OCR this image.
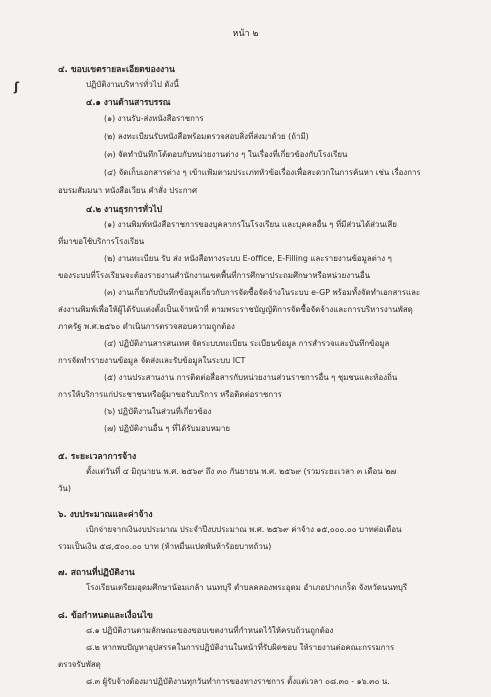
ʃ
หน้า ๒
๔. ขอบเขตรายละเอียดของงาน
ปฏิบัติงานบริหารทั่วไป ดังนี้
๔.๑ งานด้านสารบรรณ
(๑) งานรับ-ส่งหนังสือราชการ
(๒) ลงทะเบียนรับหนังสือพร้อมตรวจสอบสิ่งที่ส่งมาด้วย (ถ้ามี)
(๓) จัดทำบันทึกโต้ตอบกับหน่วยงานต่าง ๆ ในเรื่องที่เกี่ยวข้องกับโรงเรียน
(๔) จัดเก็บเอกสารต่าง ๆ เข้าแฟ้มตามประเภทหัวข้อเรื่องเพื่อสะดวกในการค้นหา เช่น เรื่องการ
อบรมสัมมนา หนังสือเวียน คำสั่ง ประกาศ
๔.๒ งานธุรการทั่วไป
(๑) งานพิมพ์หนังสือราชการของบุคลากรในโรงเรียน และบุคคลอื่น ๆ ที่มีส่วนได้ส่วนเสีย
ที่มาขอใช้บริการโรงเรียน
(๒) งานทะเบียน รับ ส่ง หนังสือทางระบบ E-office, E-Filling และรายงานข้อมูลต่าง ๆ
ของระบบที่โรงเรียนจะต้องรายงานสำนักงานเขตพื้นที่การศึกษาประถมศึกษาหรือหน่วยงานอื่น
(๓) งานเกี่ยวกับบันทึกข้อมูลเกี่ยวกับการจัดซื้อจัดจ้างในระบบ e-GP พร้อมทั้งจัดทำเอกสารและ
ส่งงานพิมพ์เพื่อให้ผู้ได้รับแต่งตั้งเป็นเจ้าหน้าที่ ตามพระราชบัญญัติการจัดซื้อจัดจ้างและการบริหารงานพัสดุ
ภาครัฐ พ.ศ.๒๕๖๐ ดำเนินการตรวจสอบความถูกต้อง
(๔) ปฏิบัติงานสารสนเทศ จัดระบบทะเบียน ระเบียนข้อมูล การสำรวจและบันทึกข้อมูล
การจัดทำรายงานข้อมูล จัดส่งและรับข้อมูลในระบบ ICT
(๕) งานประสานงาน การติดต่อสื่อสารกับหน่วยงานส่วนราชการอื่น ๆ ชุมชนและท้องถิ่น
การให้บริการแก่ประชาชนหรือผู้มาขอรับบริการ หรือติดต่อราชการ
(๖) ปฏิบัติงานในส่วนที่เกี่ยวข้อง
(๗) ปฏิบัติงานอื่น ๆ ที่ได้รับมอบหมาย
๕. ระยะเวลาการจ้าง
ตั้งแต่วันที่ ๔ มิถุนายน พ.ศ. ๒๕๖๙ ถึง ๓๐ กันยายน พ.ศ. ๒๕๖๙ (รวมระยะเวลา ๓ เดือน ๒๗
วัน)
๖. งบประมาณและค่าจ้าง
เบิกจ่ายจากเงินงบประมาณ ประจำปีงบประมาณ พ.ศ. ๒๕๖๙ ค่าจ้าง ๑๕,๐๐๐.๐๐ บาทต่อเดือน
รวมเป็นเงิน ๕๘,๕๐๐.๐๐ บาท (ห้าหมื่นแปดพันห้าร้อยบาทถ้วน)
๗. สถานที่ปฏิบัติงาน
โรงเรียนเตรียมอุดมศึกษาน้อมเกล้า นนทบุรี ตำบลคลองพระอุดม อำเภอปากเกร็ด จังหวัดนนทบุรี
๘. ข้อกำหนดและเงื่อนไข
๘.๑ ปฏิบัติงานตามลักษณะของขอบเขตงานที่กำหนดไว้ให้ครบถ้วนถูกต้อง
๘.๒ หากพบปัญหาอุปสรรคในการปฏิบัติงานในหน้าที่รับผิดชอบ ให้รายงานต่อคณะกรรมการ
ตรวจรับพัสดุ
๘.๓ ผู้รับจ้างต้องมาปฏิบัติงานทุกวันทำการของทางราชการ ตั้งแต่เวลา ๐๘.๓๐ - ๑๖.๓๐ น.
